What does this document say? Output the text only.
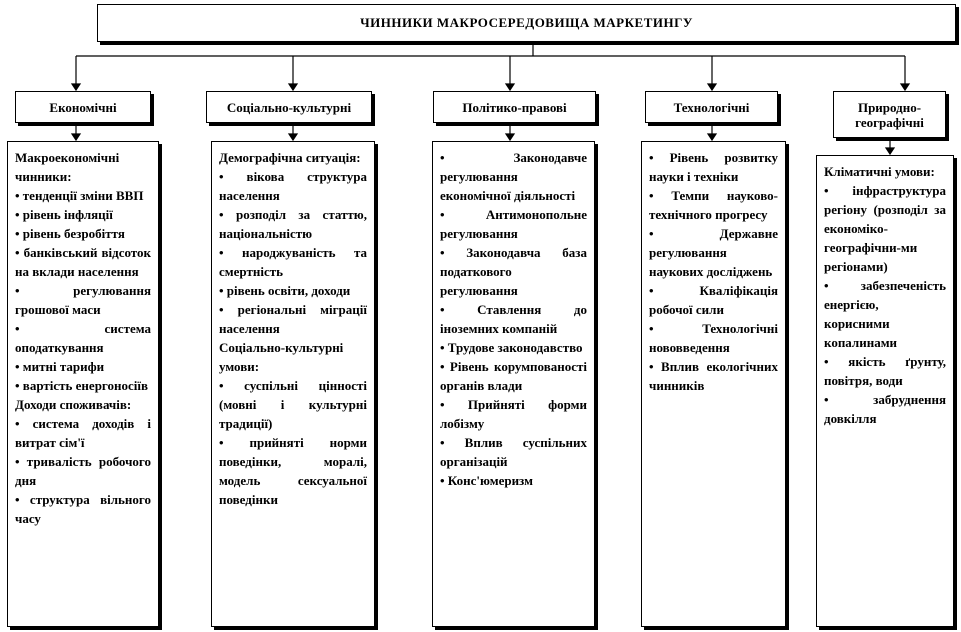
ЧИННИКИ МАКРОСЕРЕДОВИЩА МАРКЕТИНГУ
Економічні	Соціально-культурні	Політико-правові	Технологічні	Природно-географічні
Макроекономічні чинники:
• тенденції зміни ВВП
• рівень інфляції
• рівень безробіття
• банківський відсоток на вклади населення
• регулювання грошової маси
• система оподаткування
• митні тарифи
• вартість енергоносіїв
Доходи споживачів:
• система доходів і витрат сім'ї
• тривалість робочого дня
• структура вільного часу
Демографічна ситуація:
• вікова структура населення
• розподіл за статтю, національністю
• народжуваність та смертність
• рівень освіти, доходи
• регіональні міграції населення
Соціально-культурні умови:
• суспільні цінності (мовні і культурні традиції)
• прийняті норми поведінки, моралі, модель сексуальної поведінки
• Законодавче регулювання економічної діяльності
• Антимонопольне регулювання
• Законодавча база податкового регулювання
• Ставлення до іноземних компаній
• Трудове законодавство
• Рівень корумпованості органів влади
• Прийняті форми лобізму
• Вплив суспільних організацій
• Конс'юмеризм
• Рівень розвитку науки і техніки
• Темпи науково-технічного прогресу
• Державне регулювання наукових досліджень
• Кваліфікація робочої сили
• Технологічні нововведення
• Вплив екологічних чинників
Кліматичні умови:
• інфраструктура регіону (розподіл за економіко-географічни-ми регіонами)
• забезпеченість енергією, корисними копалинами
• якість ґрунту, повітря, води
• забруднення довкілля
